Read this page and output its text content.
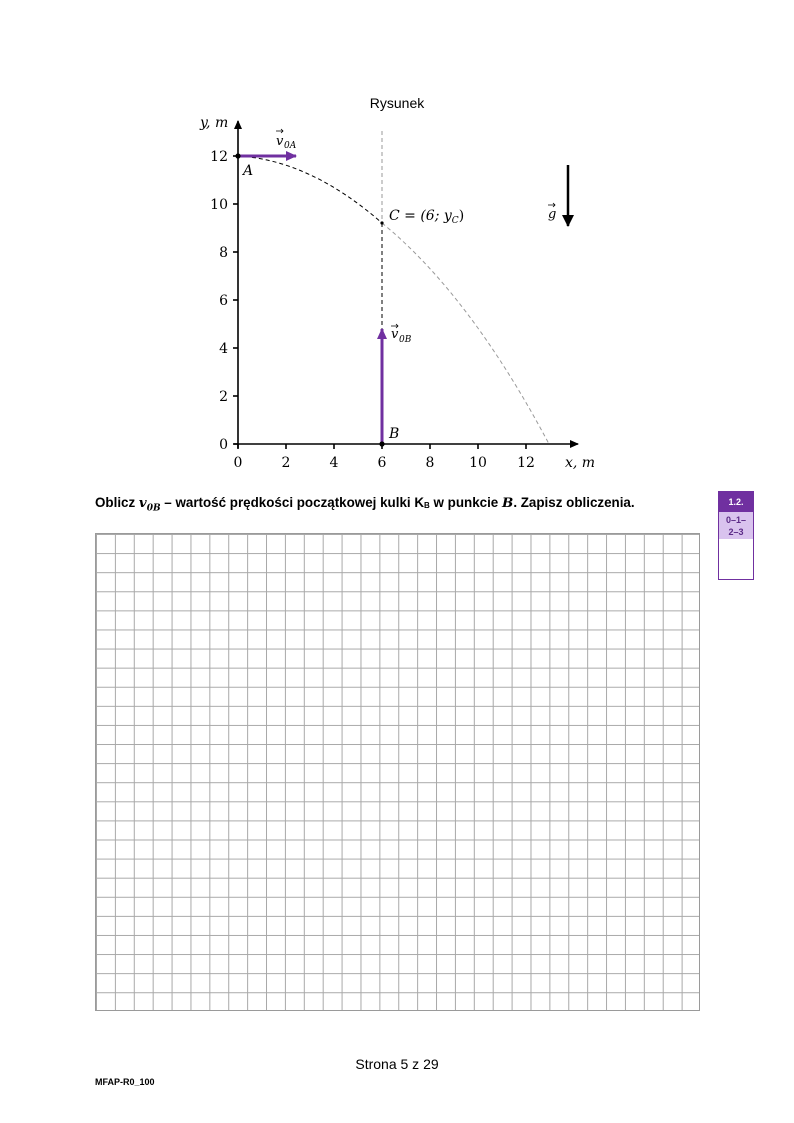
Rysunek
0
2
4
6
8
10
12
0	2	4	6	8 10 12
y, m
x, m
A
B
C = (6; $y_C$)
v 0A
v 0B
g
Oblicz $v_{0B}$ – wartość prędkości początkowej kulki KB w punkcie B. Zapisz obliczenia.	1.2.
0–1–
2–3
Strona 5 z 29
MFAP-R0_100
